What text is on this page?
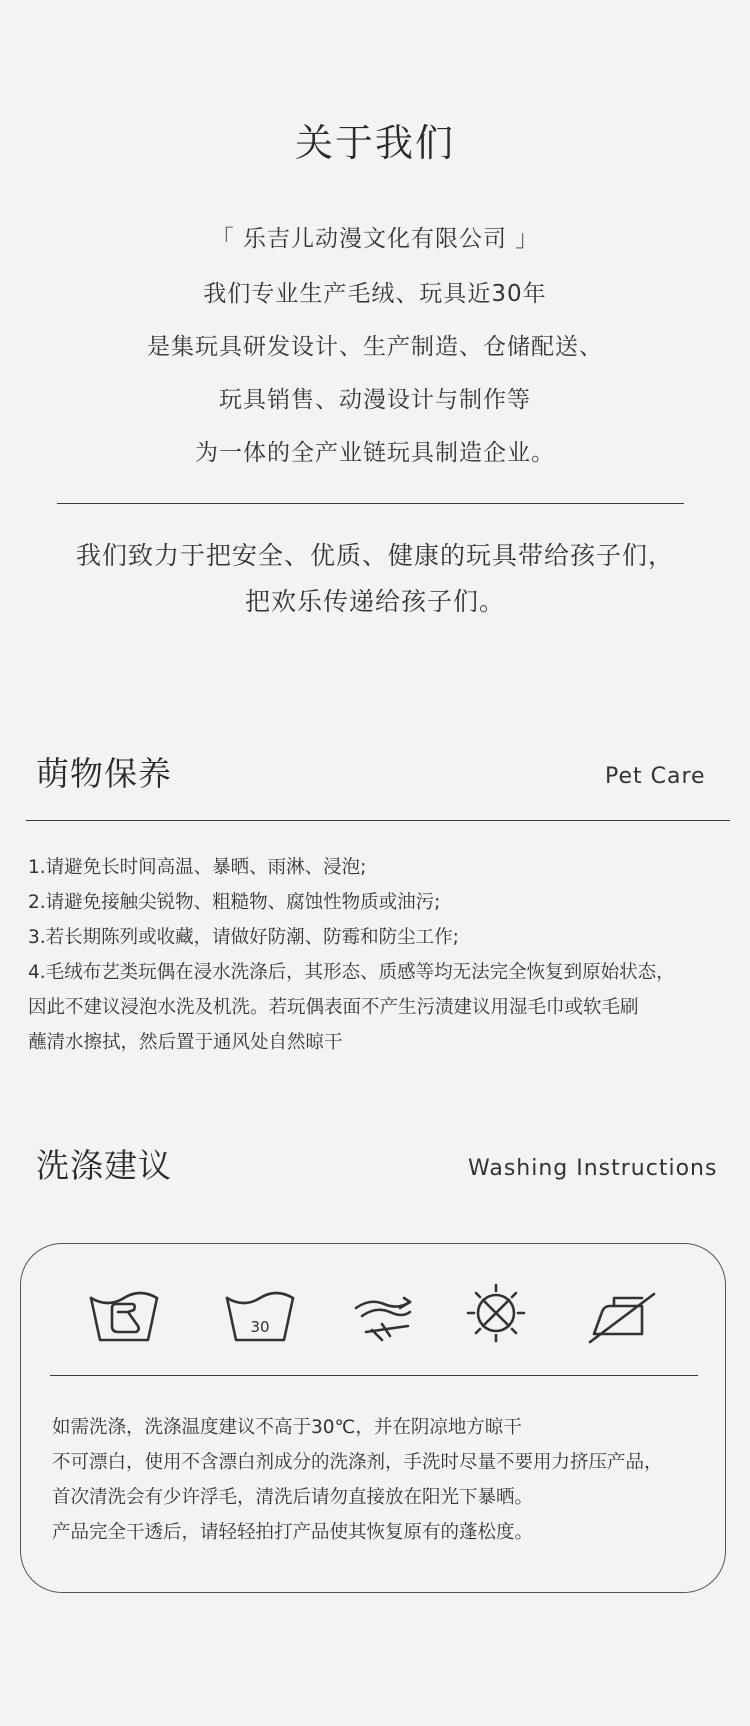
关于我们
「 乐吉儿动漫文化有限公司 」
我们专业生产毛绒、玩具近30年
是集玩具研发设计、生产制造、仓储配送、
玩具销售、动漫设计与制作等
为一体的全产业链玩具制造企业。
我们致力于把安全、优质、健康的玩具带给孩子们，
把欢乐传递给孩子们。
萌物保养	Pet Care
1.请避免长时间高温、暴晒、雨淋、浸泡;
2.请避免接触尖锐物、粗糙物、腐蚀性物质或油污;
3.若长期陈列或收藏，请做好防潮、防霉和防尘工作;
4.毛绒布艺类玩偶在浸水洗涤后，其形态、质感等均无法完全恢复到原始状态，
因此不建议浸泡水洗及机洗。若玩偶表面不产生污渍建议用湿毛巾或软毛刷
蘸清水擦拭，然后置于通风处自然晾干
洗涤建议	Washing Instructions
30
如需洗涤，洗涤温度建议不高于30℃，并在阴凉地方晾干
不可漂白，使用不含漂白剂成分的洗涤剂，手洗时尽量不要用力挤压产品，
首次清洗会有少许浮毛，清洗后请勿直接放在阳光下暴晒。
产品完全干透后，请轻轻拍打产品使其恢复原有的蓬松度。
